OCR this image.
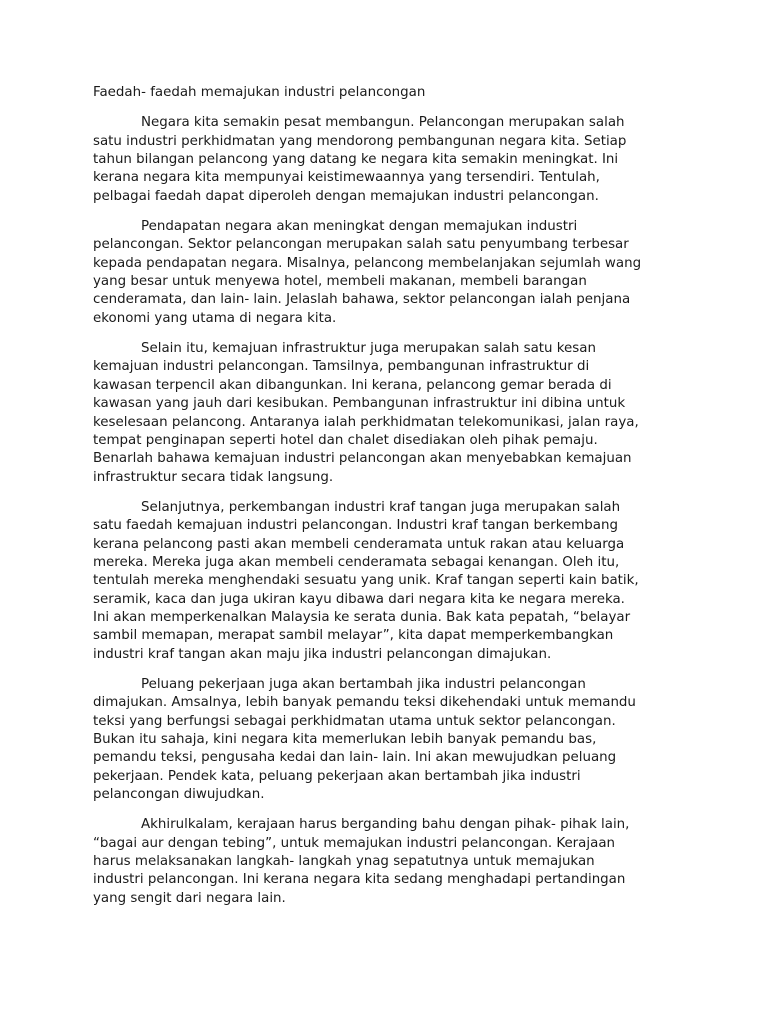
Faedah- faedah memajukan industri pelancongan

Negara kita semakin pesat membangun. Pelancongan merupakan salah
satu industri perkhidmatan yang mendorong pembangunan negara kita. Setiap
tahun bilangan pelancong yang datang ke negara kita semakin meningkat. Ini
kerana negara kita mempunyai keistimewaannya yang tersendiri. Tentulah,
pelbagai faedah dapat diperoleh dengan memajukan industri pelancongan.

Pendapatan negara akan meningkat dengan memajukan industri
pelancongan. Sektor pelancongan merupakan salah satu penyumbang terbesar
kepada pendapatan negara. Misalnya, pelancong membelanjakan sejumlah wang
yang besar untuk menyewa hotel, membeli makanan, membeli barangan
cenderamata, dan lain- lain. Jelaslah bahawa, sektor pelancongan ialah penjana
ekonomi yang utama di negara kita.

Selain itu, kemajuan infrastruktur juga merupakan salah satu kesan
kemajuan industri pelancongan. Tamsilnya, pembangunan infrastruktur di
kawasan terpencil akan dibangunkan. Ini kerana, pelancong gemar berada di
kawasan yang jauh dari kesibukan. Pembangunan infrastruktur ini dibina untuk
keselesaan pelancong. Antaranya ialah perkhidmatan telekomunikasi, jalan raya,
tempat penginapan seperti hotel dan chalet disediakan oleh pihak pemaju.
Benarlah bahawa kemajuan industri pelancongan akan menyebabkan kemajuan
infrastruktur secara tidak langsung.

Selanjutnya, perkembangan industri kraf tangan juga merupakan salah
satu faedah kemajuan industri pelancongan. Industri kraf tangan berkembang
kerana pelancong pasti akan membeli cenderamata untuk rakan atau keluarga
mereka. Mereka juga akan membeli cenderamata sebagai kenangan. Oleh itu,
tentulah mereka menghendaki sesuatu yang unik. Kraf tangan seperti kain batik,
seramik, kaca dan juga ukiran kayu dibawa dari negara kita ke negara mereka.
Ini akan memperkenalkan Malaysia ke serata dunia. Bak kata pepatah, “belayar
sambil memapan, merapat sambil melayar”, kita dapat memperkembangkan
industri kraf tangan akan maju jika industri pelancongan dimajukan.

Peluang pekerjaan juga akan bertambah jika industri pelancongan
dimajukan. Amsalnya, lebih banyak pemandu teksi dikehendaki untuk memandu
teksi yang berfungsi sebagai perkhidmatan utama untuk sektor pelancongan.
Bukan itu sahaja, kini negara kita memerlukan lebih banyak pemandu bas,
pemandu teksi, pengusaha kedai dan lain- lain. Ini akan mewujudkan peluang
pekerjaan. Pendek kata, peluang pekerjaan akan bertambah jika industri
pelancongan diwujudkan.

Akhirulkalam, kerajaan harus berganding bahu dengan pihak- pihak lain,
“bagai aur dengan tebing”, untuk memajukan industri pelancongan. Kerajaan
harus melaksanakan langkah- langkah ynag sepatutnya untuk memajukan
industri pelancongan. Ini kerana negara kita sedang menghadapi pertandingan
yang sengit dari negara lain.
